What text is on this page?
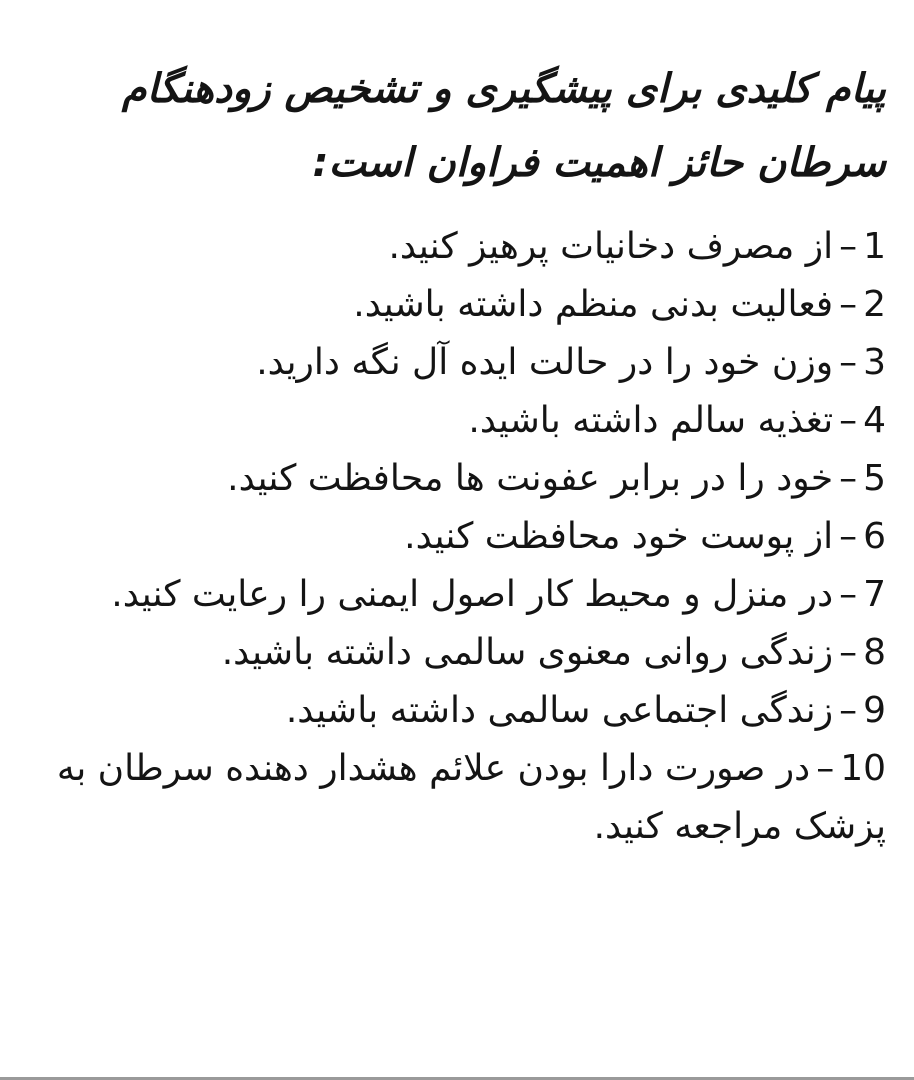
پیام کلیدی برای پیشگیری و تشخیص زودهنگام سرطان حائز اهمیت فراوان است:
1–از مصرف دخانیات پرهیز کنید.
2–فعالیت بدنی منظم داشته باشید.
3–وزن خود را در حالت ایده آل نگه دارید.
4–تغذیه سالم داشته باشید.
5–خود را در برابر عفونت ها محافظت کنید.
6–از پوست خود محافظت کنید.
7–در منزل و محیط کار اصول ایمنی را رعایت کنید.
8–زندگی روانی معنوی سالمی داشته باشید.
9–زندگی اجتماعی سالمی داشته باشید.
10–در صورت دارا بودن علائم هشدار دهنده سرطان به پزشک مراجعه کنید.
